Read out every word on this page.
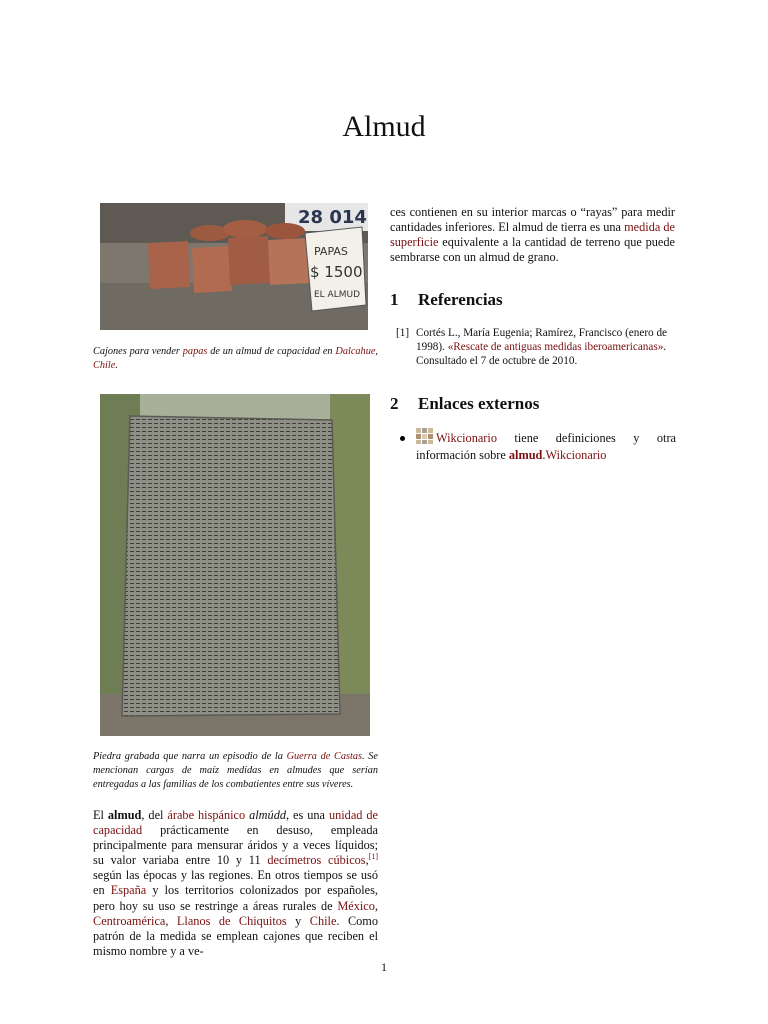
Almud
28 014
PAPAS
$ 1500
EL ALMUD
Cajones para vender papas de un almud de capacidad en Dalcahue, Chile.
Piedra grabada que narra un episodio de la Guerra de Castas. Se mencionan cargas de maíz medidas en almudes que serían entregadas a las familias de los combatientes entre sus víveres.

El almud, del árabe hispánico almúdd, es una unidad de capacidad prácticamente en desuso, empleada principalmente para mensurar áridos y a veces líquidos; su valor variaba entre 10 y 11 decímetros cúbicos,[1] según las épocas y las regiones. En otros tiempos se usó en España y los territorios colonizados por españoles, pero hoy su uso se restringe a áreas rurales de México, Centroamérica, Llanos de Chiquitos y Chile. Como patrón de la medida se emplean cajones que reciben el mismo nombre y a ve-

ces contienen en su interior marcas o “rayas” para medir cantidades inferiores. El almud de tierra es una medida de superficie equivalente a la cantidad de terreno que puede sembrarse con un almud de grano.

1 Referencias
[1] Cortés L., María Eugenia; Ramírez, Francisco (enero de 1998). «Rescate de antiguas medidas iberoamericanas». Consultado el 7 de octubre de 2010.
2 Enlaces externos
Wikcionario tiene definiciones y otra información sobre almud.Wikcionario
1
